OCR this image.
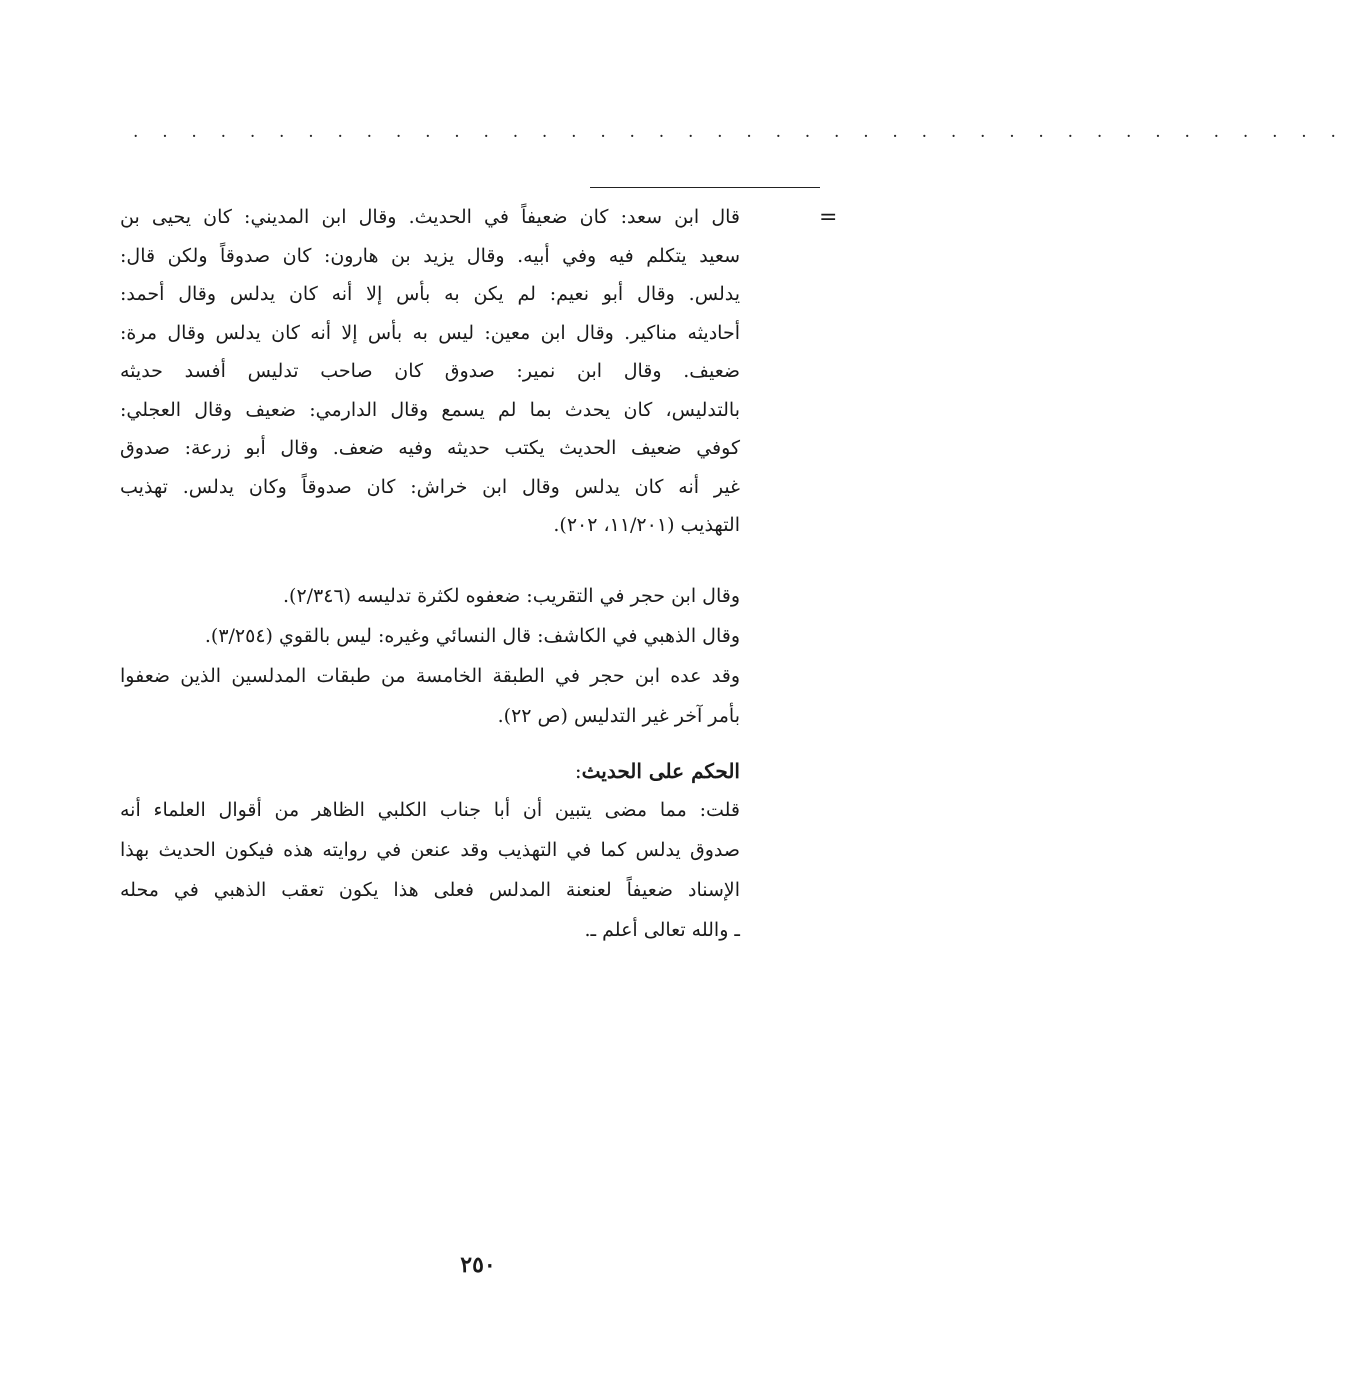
. . . . . . . . . . . . . . . . . . . . . . . . . . . . . . . . . . . . . . . . . .
=
قال ابن سعد: كان ضعيفاً في الحديث. وقال ابن المديني: كان يحيى بن
سعيد يتكلم فيه وفي أبيه. وقال يزيد بن هارون: كان صدوقاً ولكن قال:
يدلس. وقال أبو نعيم: لم يكن به بأس إلا أنه كان يدلس وقال أحمد:
أحاديثه مناكير. وقال ابن معين: ليس به بأس إلا أنه كان يدلس وقال مرة:
ضعيف. وقال ابن نمير: صدوق كان صاحب تدليس أفسد حديثه
بالتدليس، كان يحدث بما لم يسمع وقال الدارمي: ضعيف وقال العجلي:
كوفي ضعيف الحديث يكتب حديثه وفيه ضعف. وقال أبو زرعة: صدوق
غير أنه كان يدلس وقال ابن خراش: كان صدوقاً وكان يدلس. تهذيب
التهذيب (١١/٢٠١، ٢٠٢).
وقال ابن حجر في التقريب: ضعفوه لكثرة تدليسه (٢/٣٤٦).
وقال الذهبي في الكاشف: قال النسائي وغيره: ليس بالقوي (٣/٢٥٤).
وقد عده ابن حجر في الطبقة الخامسة من طبقات المدلسين الذين ضعفوا
بأمر آخر غير التدليس (ص ٢٢).
الحكم على الحديث:
قلت: مما مضى يتبين أن أبا جناب الكلبي الظاهر من أقوال العلماء أنه
صدوق يدلس كما في التهذيب وقد عنعن في روايته هذه فيكون الحديث بهذا
الإسناد ضعيفاً لعنعنة المدلس فعلى هذا يكون تعقب الذهبي في محله
ـ والله تعالى أعلم ـ.
٢٥٠
